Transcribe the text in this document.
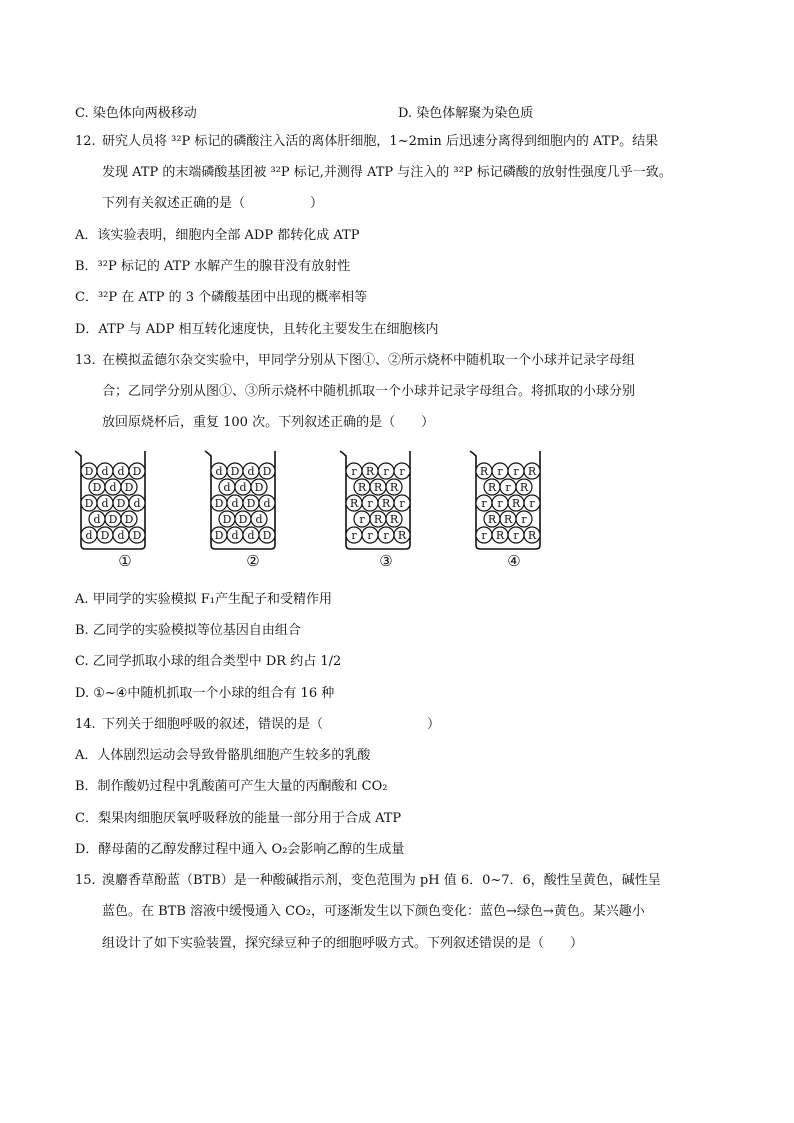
C. 染色体向两极移动	D. 染色体解聚为染色质
12. 研究人员将 ³²P 标记的磷酸注入活的离体肝细胞，1~2min 后迅速分离得到细胞内的 ATP。结果
发现 ATP 的末端磷酸基团被 ³²P 标记,并测得 ATP 与注入的 ³²P 标记磷酸的放射性强度几乎一致。
下列有关叙述正确的是（　　　　　）
A．该实验表明，细胞内全部 ADP 都转化成 ATP
B．³²P 标记的 ATP 水解产生的腺苷没有放射性
C．³²P 在 ATP 的 3 个磷酸基团中出现的概率相等
D．ATP 与 ADP 相互转化速度快，且转化主要发生在细胞核内
13. 在模拟孟德尔杂交实验中，甲同学分别从下图①、②所示烧杯中随机取一个小球并记录字母组
合；乙同学分别从图①、③所示烧杯中随机抓取一个小球并记录字母组合。将抓取的小球分别
放回原烧杯后，重复 100 次。下列叙述正确的是（　　）
D d d D
D d D
D d D d
d D D
d D d D
d D d D
d d D
D d D d
D D d
D d d D
r R r r
R R R
R r R r
r R R
r r r R
R r r R
R r R
r r R r
R R r
r R r R
①	②	③	④
A. 甲同学的实验模拟 F₁产生配子和受精作用
B. 乙同学的实验模拟等位基因自由组合
C. 乙同学抓取小球的组合类型中 DR 约占 1/2
D. ①~④中随机抓取一个小球的组合有 16 种
14. 下列关于细胞呼吸的叙述，错误的是（　　　　　　　　）
A．人体剧烈运动会导致骨骼肌细胞产生较多的乳酸
B．制作酸奶过程中乳酸菌可产生大量的丙酮酸和 CO₂
C．梨果肉细胞厌氧呼吸释放的能量一部分用于合成 ATP
D．酵母菌的乙醇发酵过程中通入 O₂会影响乙醇的生成量
15. 溴麝香草酚蓝（BTB）是一种酸碱指示剂，变色范围为 pH 值 6．0~7．6，酸性呈黄色，碱性呈
蓝色。在 BTB 溶液中缓慢通入 CO₂，可逐渐发生以下颜色变化：蓝色→绿色→黄色。某兴趣小
组设计了如下实验装置，探究绿豆种子的细胞呼吸方式。下列叙述错误的是（　　）
